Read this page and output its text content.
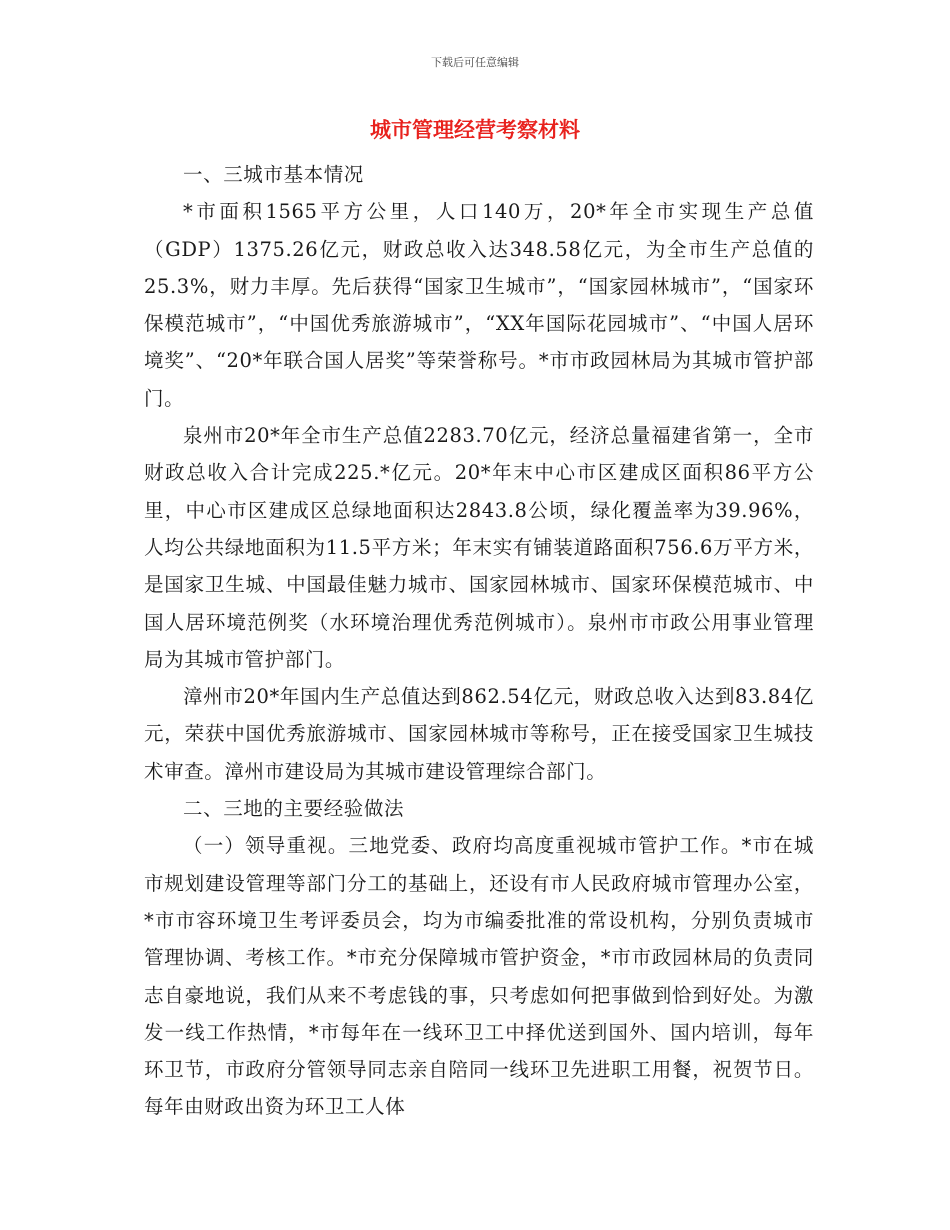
下载后可任意编辑
城市管理经营考察材料

一、三城市基本情况

*市面积1565平方公里，人口140万，20*年全市实现生产总值（GDP）1375.26亿元，财政总收入达348.58亿元，为全市生产总值的25.3%，财力丰厚。先后获得“国家卫生城市”，“国家园林城市”，“国家环保模范城市”，“中国优秀旅游城市”，“XX年国际花园城市”、“中国人居环境奖”、“20*年联合国人居奖”等荣誉称号。*市市政园林局为其城市管护部门。

泉州市20*年全市生产总值2283.70亿元，经济总量福建省第一，全市财政总收入合计完成225.*亿元。20*年末中心市区建成区面积86平方公里，中心市区建成区总绿地面积达2843.8公顷，绿化覆盖率为39.96%，人均公共绿地面积为11.5平方米；年末实有铺装道路面积756.6万平方米，是国家卫生城、中国最佳魅力城市、国家园林城市、国家环保模范城市、中国人居环境范例奖（水环境治理优秀范例城市）。泉州市市政公用事业管理局为其城市管护部门。

漳州市20*年国内生产总值达到862.54亿元，财政总收入达到83.84亿元，荣获中国优秀旅游城市、国家园林城市等称号，正在接受国家卫生城技术审查。漳州市建设局为其城市建设管理综合部门。

二、三地的主要经验做法

（一）领导重视。三地党委、政府均高度重视城市管护工作。*市在城市规划建设管理等部门分工的基础上，还设有市人民政府城市管理办公室，*市市容环境卫生考评委员会，均为市编委批准的常设机构，分别负责城市管理协调、考核工作。*市充分保障城市管护资金，*市市政园林局的负责同志自豪地说，我们从来不考虑钱的事，只考虑如何把事做到恰到好处。为激发一线工作热情，*市每年在一线环卫工中择优送到国外、国内培训，每年环卫节，市政府分管领导同志亲自陪同一线环卫先进职工用餐，祝贺节日。每年由财政出资为环卫工人体
